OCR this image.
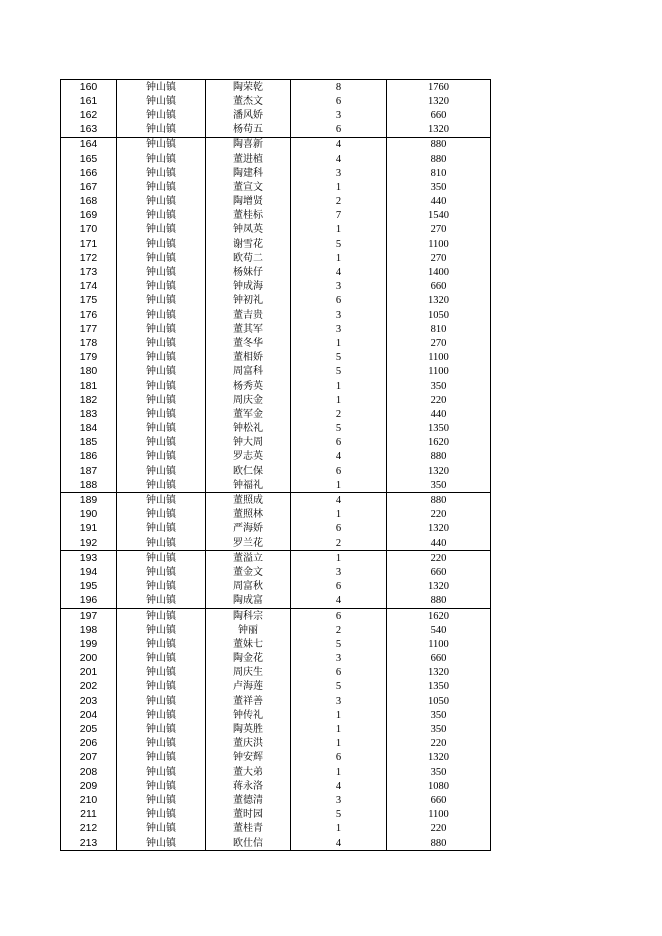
160	钟山镇	陶荣乾	8	1760
161	钟山镇	董杰文	6	1320
162	钟山镇	潘风娇	3	660
163	钟山镇	杨苟五	6	1320
164	钟山镇	陶喜新	4	880
165	钟山镇	董进植	4	880
166	钟山镇	陶建科	3	810
167	钟山镇	董宣文	1	350
168	钟山镇	陶增贤	2	440
169	钟山镇	董桂标	7	1540
170	钟山镇	钟凤英	1	270
171	钟山镇	谢雪花	5	1100
172	钟山镇	欧苟二	1	270
173	钟山镇	杨妹仔	4	1400
174	钟山镇	钟成海	3	660
175	钟山镇	钟初礼	6	1320
176	钟山镇	董吉贵	3	1050
177	钟山镇	董其军	3	810
178	钟山镇	董冬华	1	270
179	钟山镇	董相娇	5	1100
180	钟山镇	周富科	5	1100
181	钟山镇	杨秀英	1	350
182	钟山镇	周庆金	1	220
183	钟山镇	董军金	2	440
184	钟山镇	钟松礼	5	1350
185	钟山镇	钟大周	6	1620
186	钟山镇	罗志英	4	880
187	钟山镇	欧仁保	6	1320
188	钟山镇	钟福礼	1	350
189	钟山镇	董照成	4	880
190	钟山镇	董照林	1	220
191	钟山镇	严海娇	6	1320
192	钟山镇	罗兰花	2	440
193	钟山镇	董溢立	1	220
194	钟山镇	董金文	3	660
195	钟山镇	周富秋	6	1320
196	钟山镇	陶成富	4	880
197	钟山镇	陶科宗	6	1620
198	钟山镇	钟丽	2	540
199	钟山镇	董妹七	5	1100
200	钟山镇	陶金花	3	660
201	钟山镇	周庆生	6	1320
202	钟山镇	卢海莲	5	1350
203	钟山镇	董祥善	3	1050
204	钟山镇	钟传礼	1	350
205	钟山镇	陶英胜	1	350
206	钟山镇	董庆洪	1	220
207	钟山镇	钟安辉	6	1320
208	钟山镇	董大弟	1	350
209	钟山镇	蒋永洛	4	1080
210	钟山镇	董德清	3	660
211	钟山镇	董时园	5	1100
212	钟山镇	董桂青	1	220
213	钟山镇	欧仕信	4	880
